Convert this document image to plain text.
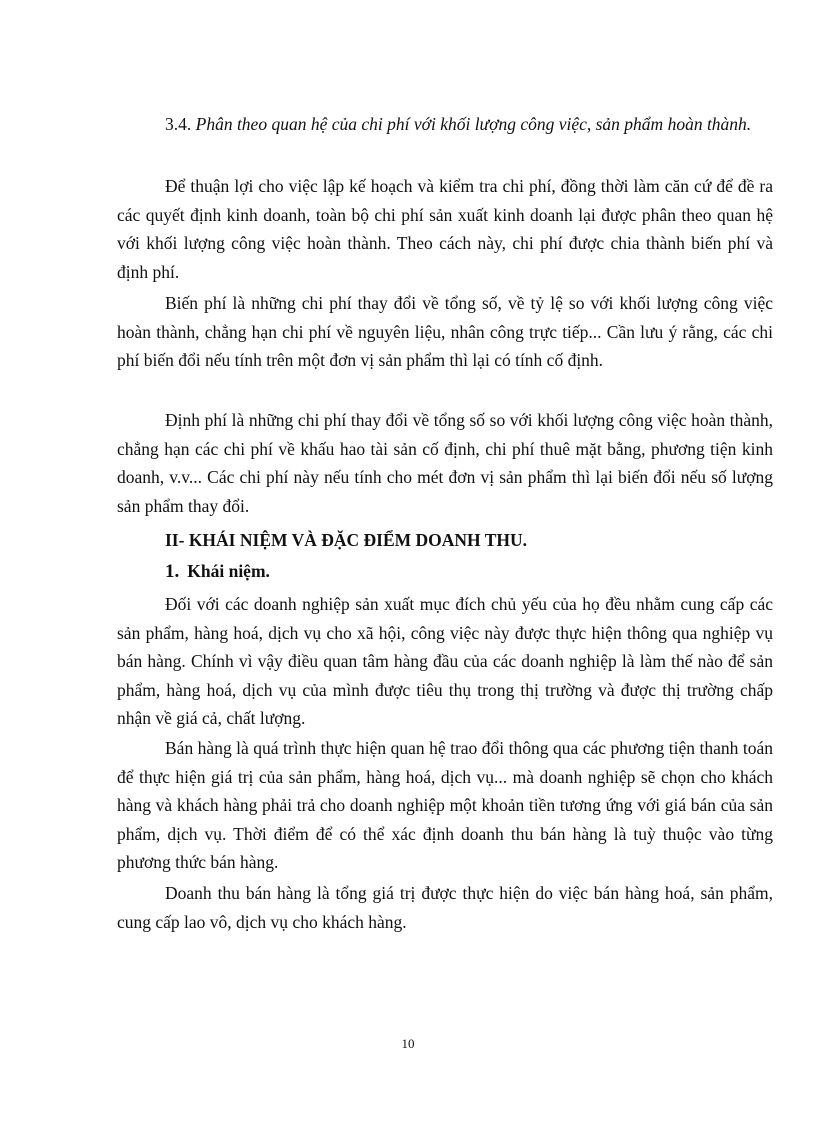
3.4. Phân theo quan hệ của chi phí với khối lượng công việc, sản phẩm hoàn thành.

Để thuận lợi cho việc lập kế hoạch và kiểm tra chi phí, đồng thời làm căn cứ để đề ra các quyết định kinh doanh, toàn bộ chi phí sản xuất kinh doanh lại được phân theo quan hệ với khối lượng công việc hoàn thành. Theo cách này, chi phí được chia thành biến phí và định phí.

Biến phí là những chi phí thay đổi về tổng số, về tỷ lệ so với khối lượng công việc hoàn thành, chẳng hạn chi phí về nguyên liệu, nhân công trực tiếp... Cần lưu ý rằng, các chi phí biến đổi nếu tính trên một đơn vị sản phẩm thì lại có tính cố định.

Định phí là những chi phí thay đổi về tổng số so với khối lượng công việc hoàn thành, chẳng hạn các chi phí về khấu hao tài sản cố định, chi phí thuê mặt bằng, phương tiện kinh doanh, v.v... Các chi phí này nếu tính cho mét đơn vị sản phẩm thì lại biến đổi nếu số lượng sản phẩm thay đổi.

II- KHÁI NIỆM VÀ ĐẶC ĐIỂM DOANH THU.

1. Khái niệm.

Đối với các doanh nghiệp sản xuất mục đích chủ yếu của họ đều nhằm cung cấp các sản phẩm, hàng hoá, dịch vụ cho xã hội, công việc này được thực hiện thông qua nghiệp vụ bán hàng. Chính vì vậy điều quan tâm hàng đầu của các doanh nghiệp là làm thế nào để sản phẩm, hàng hoá, dịch vụ của mình được tiêu thụ trong thị trường và được thị trường chấp nhận về giá cả, chất lượng.

Bán hàng là quá trình thực hiện quan hệ trao đổi thông qua các phương tiện thanh toán để thực hiện giá trị của sản phẩm, hàng hoá, dịch vụ... mà doanh nghiệp sẽ chọn cho khách hàng và khách hàng phải trả cho doanh nghiệp một khoản tiền tương ứng với giá bán của sản phẩm, dịch vụ. Thời điểm để có thể xác định doanh thu bán hàng là tuỳ thuộc vào từng phương thức bán hàng.

Doanh thu bán hàng là tổng giá trị được thực hiện do việc bán hàng hoá, sản phẩm, cung cấp lao vô, dịch vụ cho khách hàng.

10
